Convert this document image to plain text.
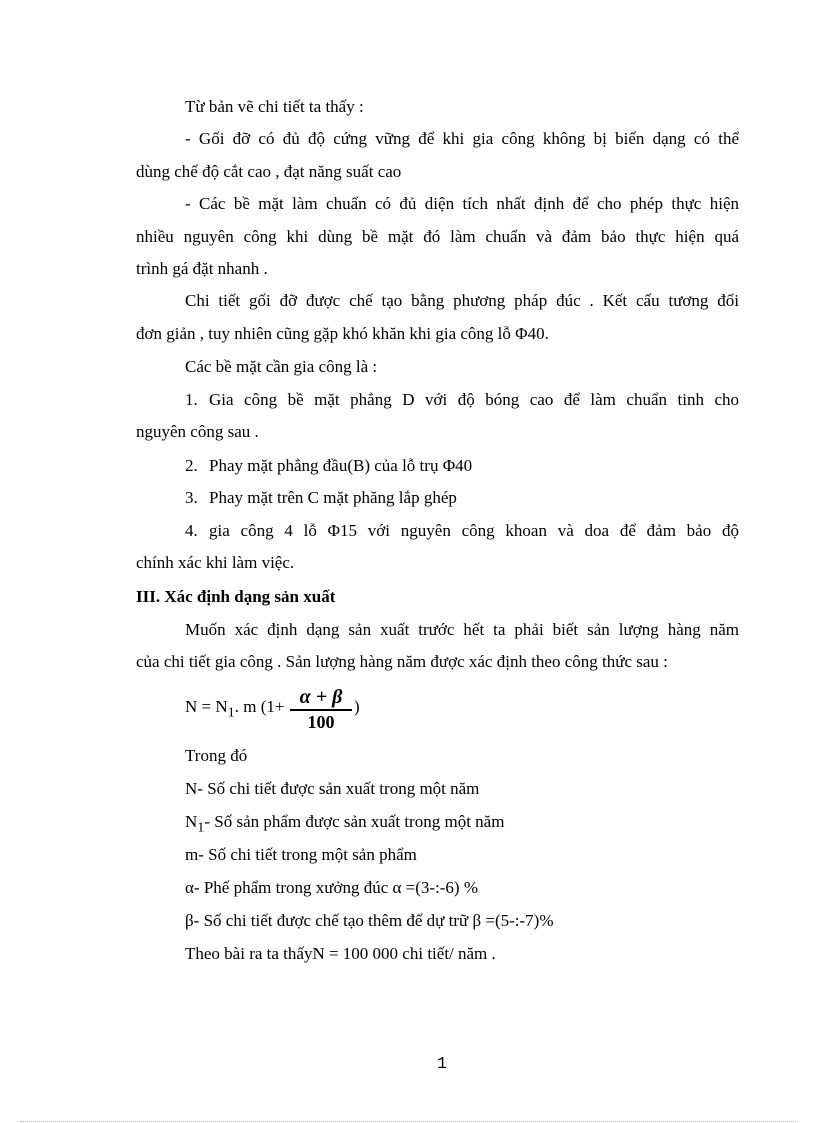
Từ bản vẽ chi tiết ta thấy :
- Gối đỡ có đủ độ cứng vững để khi gia công không bị biến dạng có thể
dùng chế độ cắt cao , đạt năng suất cao
- Các bề mặt làm chuẩn có đủ diện tích nhất định để cho phép thực hiện
nhiều nguyên công khi dùng bề mặt đó làm chuẩn và đảm bảo thực hiện quá
trình gá đặt nhanh .
Chi tiết gối đỡ được chế tạo bằng phương pháp đúc . Kết cấu tương đối
đơn giản , tuy nhiên cũng gặp khó khăn khi gia công lỗ Φ40.
Các bề mặt cần gia công là :
1. Gia công bề mặt phẳng D với độ bóng cao để làm chuẩn tinh cho
nguyên công sau .
2. Phay mặt phẳng đầu(B) của lỗ trụ Φ40
3. Phay mặt trên C mặt phăng lắp ghép
4. gia công 4 lỗ Φ15 với nguyên công khoan và doa để đảm bảo độ
chính xác khi làm việc.
III. Xác định dạng sản xuất
Muốn xác định dạng sản xuất trước hết ta phải biết sản lượng hàng năm
của chi tiết gia công . Sản lượng hàng năm được xác định theo công thức sau :
$N = N_1$. m (1+ α + β
100
)
Trong đó
N- Số chi tiết được sản xuất trong một năm
$N_1-$ Số sản phẩm được sản xuất trong một năm
m- Số chi tiết trong một sản phẩm
α- Phế phẩm trong xưởng đúc α =(3-:-6) %
β- Số chi tiết được chế tạo thêm để dự trữ β =(5-:-7)%
Theo bài ra ta thấyN = 100 000 chi tiết/ năm .
1
